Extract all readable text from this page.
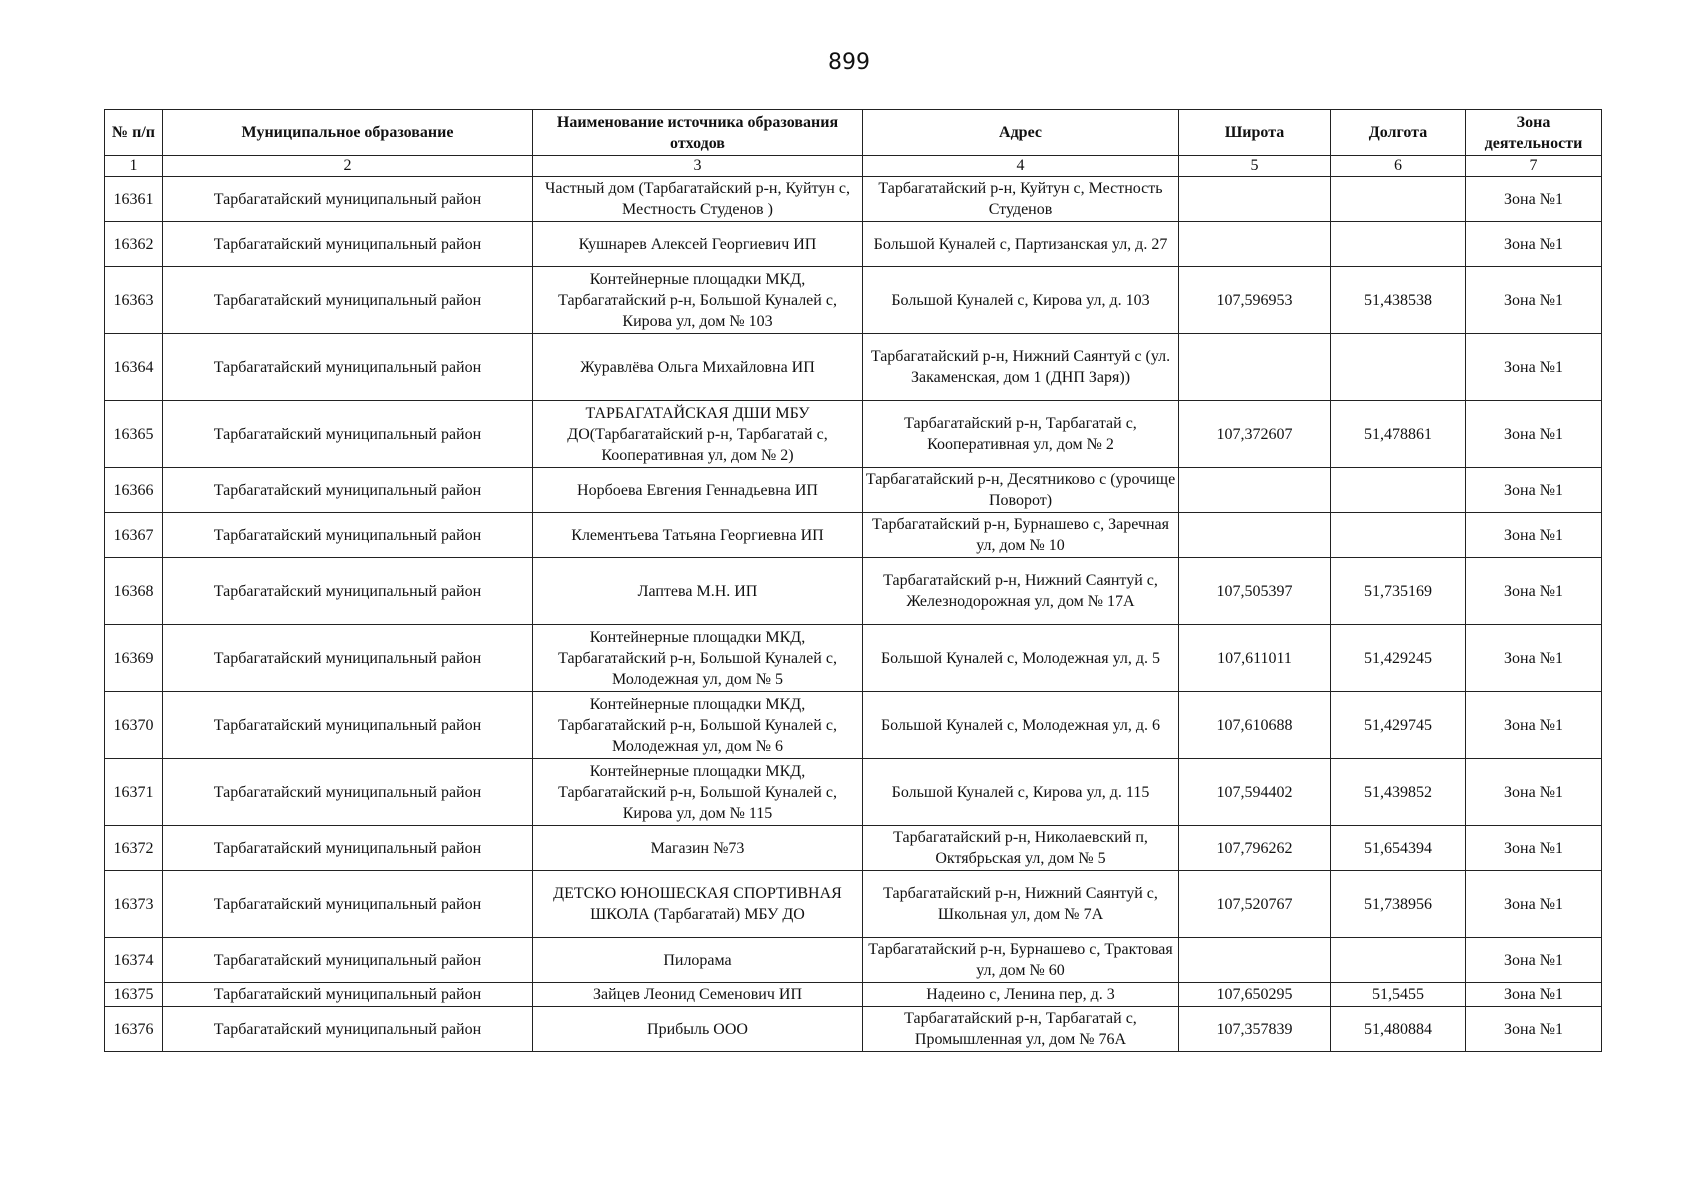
899
№ п/п	Муниципальное образование	Наименование источника образования отходов	Адрес	Широта	Долгота	Зона деятельности
1	2	3	4	5	6	7
16361	Тарбагатайский муниципальный район	Частный дом (Тарбагатайский р-н, Куйтун с, Местность Студенов )	Тарбагатайский р-н, Куйтун с, Местность Студенов			Зона №1
16362	Тарбагатайский муниципальный район	Кушнарев Алексей Георгиевич ИП	Большой Куналей с, Партизанская ул, д. 27			Зона №1
16363	Тарбагатайский муниципальный район	Контейнерные площадки МКД, Тарбагатайский р-н, Большой Куналей с, Кирова ул, дом № 103	Большой Куналей с, Кирова ул, д. 103	107,596953	51,438538	Зона №1
16364	Тарбагатайский муниципальный район	Журавлёва Ольга Михайловна ИП	Тарбагатайский р-н, Нижний Саянтуй с (ул. Закаменская, дом 1 (ДНП Заря))			Зона №1
16365	Тарбагатайский муниципальный район	ТАРБАГАТАЙСКАЯ ДШИ МБУ ДО(Тарбагатайский р-н, Тарбагатай с, Кооперативная ул, дом № 2)	Тарбагатайский р-н, Тарбагатай с, Кооперативная ул, дом № 2	107,372607	51,478861	Зона №1
16366	Тарбагатайский муниципальный район	Норбоева Евгения Геннадьевна ИП	Тарбагатайский р-н, Десятниково с (урочище Поворот)			Зона №1
16367	Тарбагатайский муниципальный район	Клементьева Татьяна Георгиевна ИП	Тарбагатайский р-н, Бурнашево с, Заречная ул, дом № 10			Зона №1
16368	Тарбагатайский муниципальный район	Лаптева М.Н. ИП	Тарбагатайский р-н, Нижний Саянтуй с, Железнодорожная ул, дом № 17А	107,505397	51,735169	Зона №1
16369	Тарбагатайский муниципальный район	Контейнерные площадки МКД, Тарбагатайский р-н, Большой Куналей с, Молодежная ул, дом № 5	Большой Куналей с, Молодежная ул, д. 5	107,611011	51,429245	Зона №1
16370	Тарбагатайский муниципальный район	Контейнерные площадки МКД, Тарбагатайский р-н, Большой Куналей с, Молодежная ул, дом № 6	Большой Куналей с, Молодежная ул, д. 6	107,610688	51,429745	Зона №1
16371	Тарбагатайский муниципальный район	Контейнерные площадки МКД, Тарбагатайский р-н, Большой Куналей с, Кирова ул, дом № 115	Большой Куналей с, Кирова ул, д. 115	107,594402	51,439852	Зона №1
16372	Тарбагатайский муниципальный район	Магазин №73	Тарбагатайский р-н, Николаевский п, Октябрьская ул, дом № 5	107,796262	51,654394	Зона №1
16373	Тарбагатайский муниципальный район	ДЕТСКО ЮНОШЕСКАЯ СПОРТИВНАЯ ШКОЛА (Тарбагатай) МБУ ДО	Тарбагатайский р-н, Нижний Саянтуй с, Школьная ул, дом № 7А	107,520767	51,738956	Зона №1
16374	Тарбагатайский муниципальный район	Пилорама	Тарбагатайский р-н, Бурнашево с, Трактовая ул, дом № 60			Зона №1
16375	Тарбагатайский муниципальный район	Зайцев Леонид Семенович ИП	Надеино с, Ленина пер, д. 3	107,650295	51,5455	Зона №1
16376	Тарбагатайский муниципальный район	Прибыль ООО	Тарбагатайский р-н, Тарбагатай с, Промышленная ул, дом № 76А	107,357839	51,480884	Зона №1
